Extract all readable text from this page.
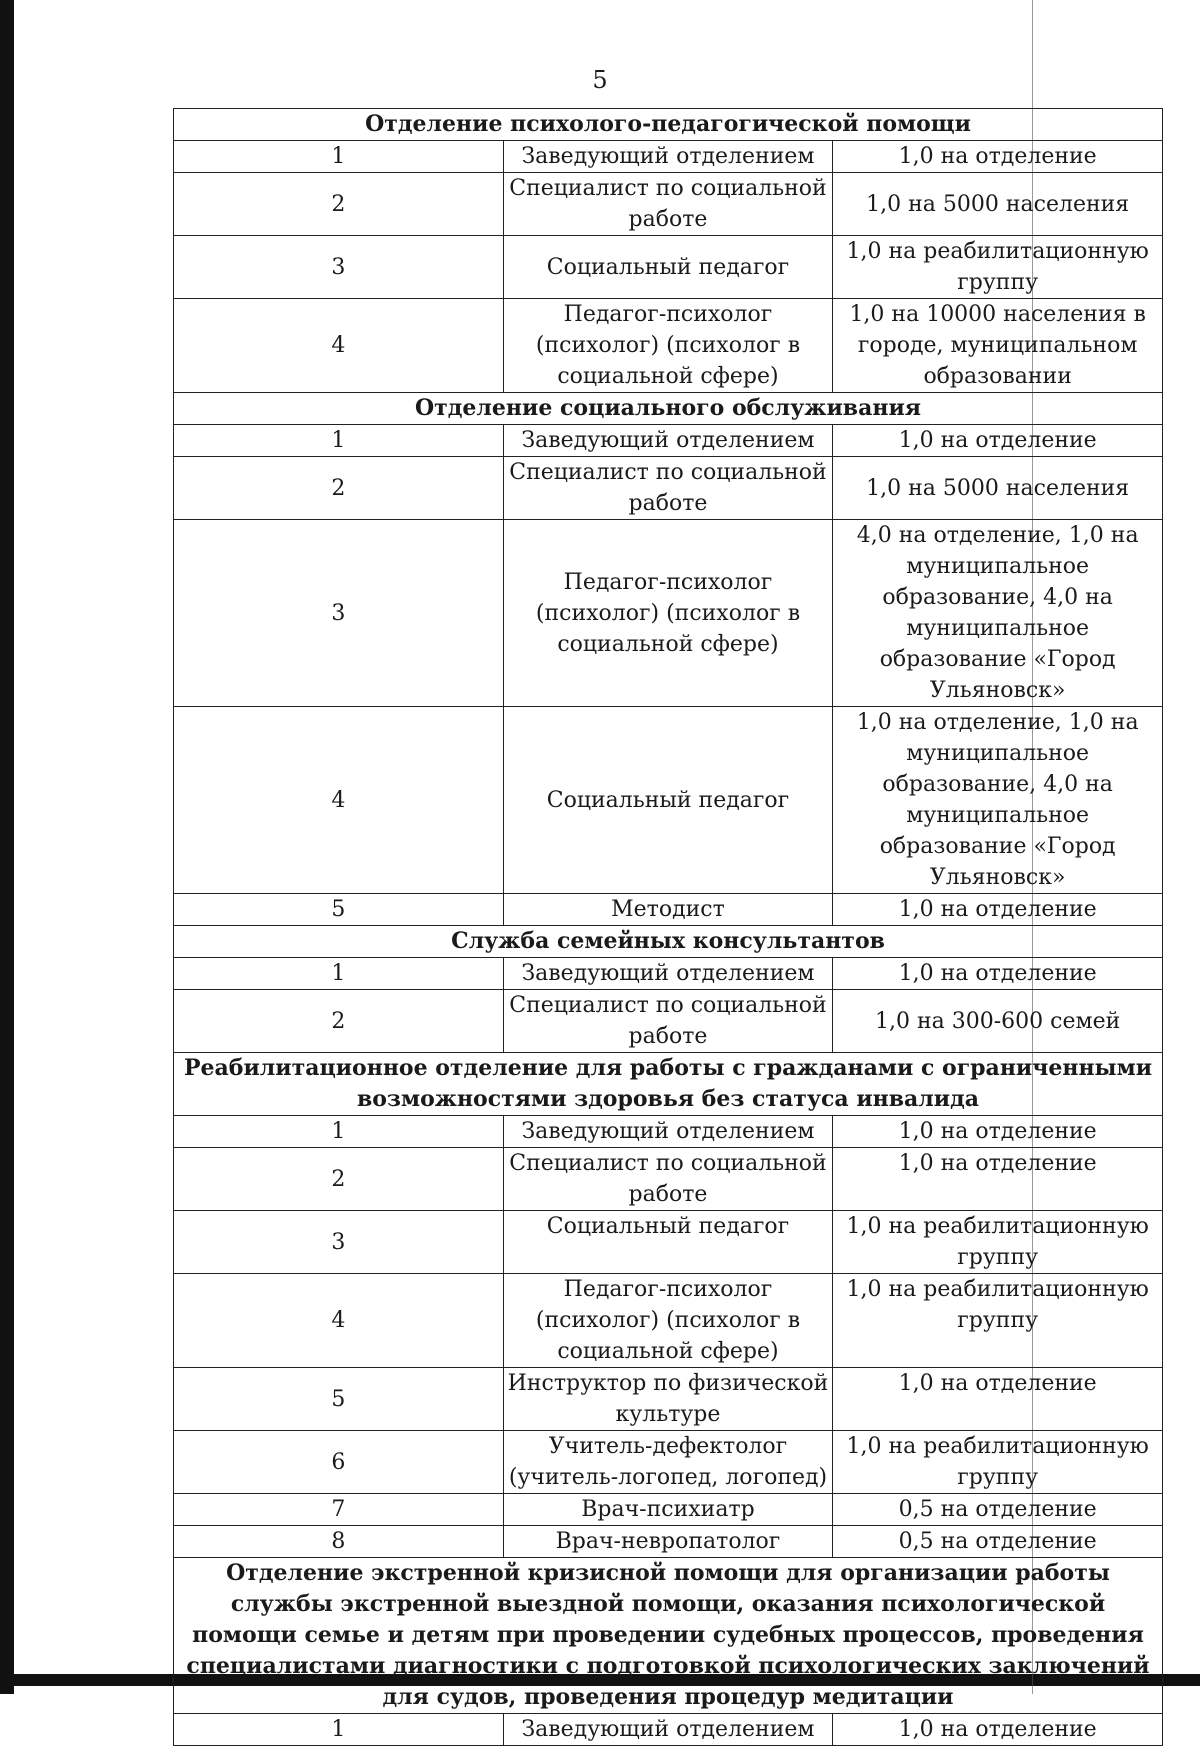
5
Отделение психолого-педагогической помощи		
1	Заведующий отделением	1,0 на отделение
2	Специалист по социальной работе	1,0 на 5000 населения
3	Социальный педагог	1,0 на реабилитационную группу
4	Педагог-психолог (психолог) (психолог в социальной сфере)	1,0 на 10000 населения в городе, муниципальном образовании
Отделение социального обслуживания		
1	Заведующий отделением	1,0 на отделение
2	Специалист по социальной работе	1,0 на 5000 населения
3	Педагог-психолог (психолог) (психолог в социальной сфере)	4,0 на отделение, 1,0 на муниципальное образование, 4,0 на муниципальное образование «Город Ульяновск»
4	Социальный педагог	1,0 на отделение, 1,0 на муниципальное образование, 4,0 на муниципальное образование «Город Ульяновск»
5	Методист	1,0 на отделение
Служба семейных консультантов		
1	Заведующий отделением	1,0 на отделение
2	Специалист по социальной работе	1,0 на 300-600 семей
Реабилитационное отделение для работы с гражданами с ограниченными возможностями здоровья без статуса инвалида		
1	Заведующий отделением	1,0 на отделение
2	Специалист по социальной работе	1,0 на отделение
3	Социальный педагог	1,0 на реабилитационную группу
4	Педагог-психолог (психолог) (психолог в социальной сфере)	1,0 на реабилитационную группу
5	Инструктор по физической культуре	1,0 на отделение
6	Учитель-дефектолог (учитель-логопед, логопед)	1,0 на реабилитационную группу
7	Врач-психиатр	0,5 на отделение
8	Врач-невропатолог	0,5 на отделение
Отделение экстренной кризисной помощи для организации работы службы экстренной выездной помощи, оказания психологической помощи семье и детям при проведении судебных процессов, проведения специалистами диагностики с подготовкой психологических заключений для судов, проведения процедур медитации		
1	Заведующий отделением	1,0 на отделение
